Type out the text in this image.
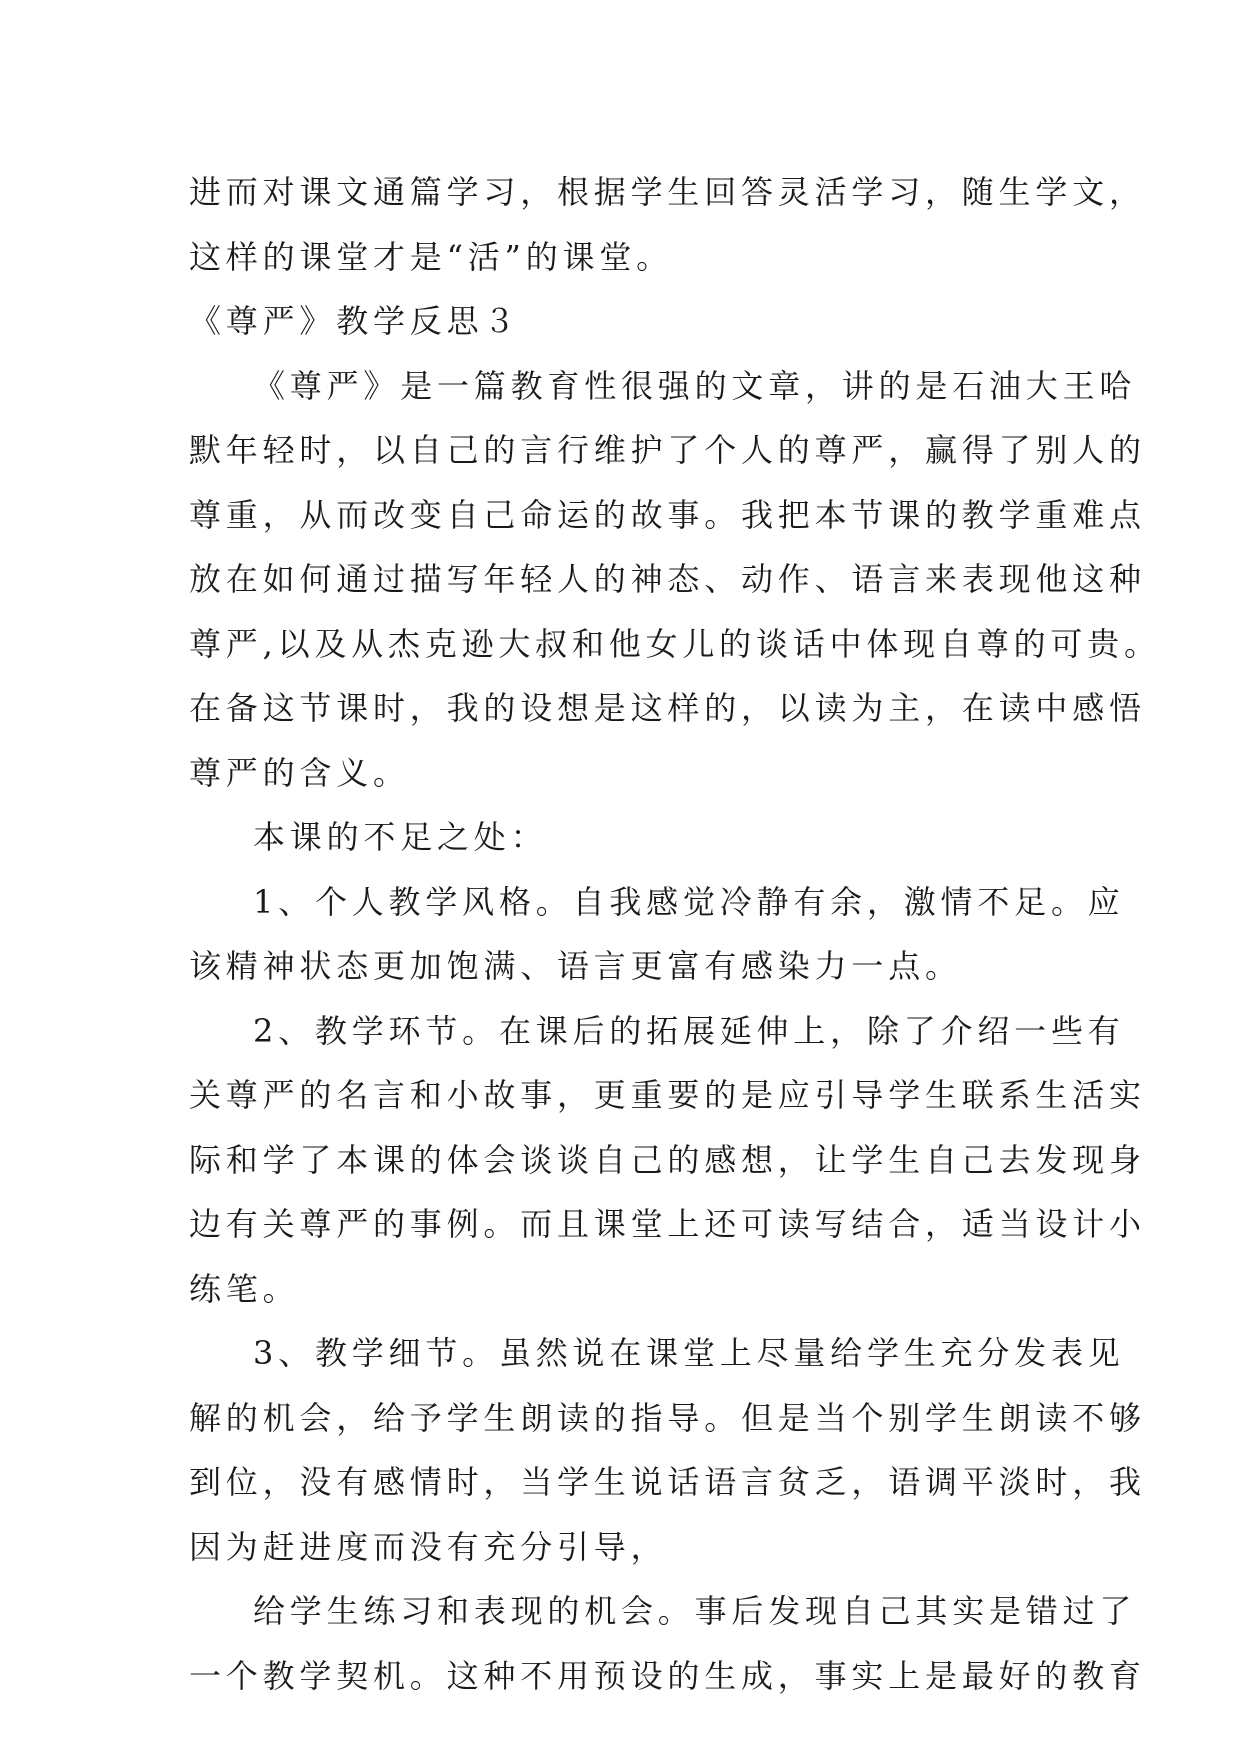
进而对课文通篇学习，根据学生回答灵活学习，随生学文，
这样的课堂才是“活”的课堂。
《尊严》教学反思３
《尊严》是一篇教育性很强的文章，讲的是石油大王哈
默年轻时，以自己的言行维护了个人的尊严，赢得了别人的
尊重，从而改变自己命运的故事。我把本节课的教学重难点
放在如何通过描写年轻人的神态、动作、语言来表现他这种
尊严,以及从杰克逊大叔和他女儿的谈话中体现自尊的可贵。
在备这节课时，我的设想是这样的，以读为主，在读中感悟
尊严的含义。
本课的不足之处：
1、个人教学风格。自我感觉冷静有余，激情不足。应
该精神状态更加饱满、语言更富有感染力一点。
2、教学环节。在课后的拓展延伸上，除了介绍一些有
关尊严的名言和小故事，更重要的是应引导学生联系生活实
际和学了本课的体会谈谈自己的感想，让学生自己去发现身
边有关尊严的事例。而且课堂上还可读写结合，适当设计小
练笔。
3、教学细节。虽然说在课堂上尽量给学生充分发表见
解的机会，给予学生朗读的指导。但是当个别学生朗读不够
到位，没有感情时，当学生说话语言贫乏，语调平淡时，我
因为赶进度而没有充分引导，
给学生练习和表现的机会。事后发现自己其实是错过了
一个教学契机。这种不用预设的生成，事实上是最好的教育
